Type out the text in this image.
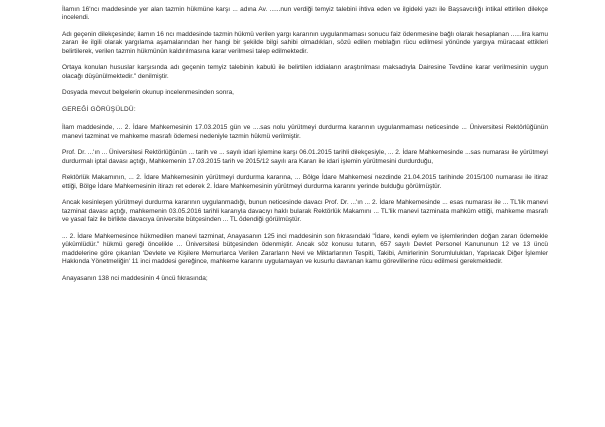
İlamın 16'ncı maddesinde yer alan tazmin hükmüne karşı ... adına Av. ......nun verdiği temyiz talebini ihtiva eden ve ilgideki yazı ile Başsavcılığı intikal ettirilen dilekçe incelendi.

Adı geçenin dilekçesinde; ilamın 16 ncı maddesinde tazmin hükmü verilen yargı kararının uygulanmaması sonucu faiz ödenmesine bağlı olarak hesaplanan ......lira kamu zararı ile ilgili olarak yargılama aşamalarından her hangi bir şekilde bilgi sahibi olmadıkları, sözü edilen meblağın rücu edilmesi yönünde yargıya müracaat ettikleri belirtilerek, verilen tazmin hükmünün kaldırılmasına karar verilmesi talep edilmektedir.

Ortaya konulan hususlar karşısında adı geçenin temyiz talebinin kabulü ile belirtilen iddiaların araştırılması maksadıyla Dairesine Tevdiine karar verilmesinin uygun olacağı düşünülmektedir." denilmiştir.

Dosyada mevcut belgelerin okunup incelenmesinden sonra,

GEREĞİ GÖRÜŞÜLDÜ:

İlam maddesinde, ... 2. İdare Mahkemesinin 17.03.2015 gün ve ....sas nolu yürütmeyi durdurma kararının uygulanmaması neticesinde ... Üniversitesi Rektörlüğünün manevi tazminat ve mahkeme masrafı ödemesi nedeniyle tazmin hükmü verilmiştir.

Prof. Dr. ...'ın ... Üniversitesi Rektörlüğünün ... tarih ve ... sayılı idari işlemine karşı 06.01.2015 tarihli dilekçesiyle, ... 2. İdare Mahkemesinde ...sas numarası ile yürütmeyi durdurmalı iptal davası açtığı, Mahkemenin 17.03.2015 tarih ve 2015/12 sayılı ara Kararı ile idari işlemin yürütmesini durdurduğu,

Rektörlük Makamının, ... 2. İdare Mahkemesinin yürütmeyi durdurma kararına, ... Bölge İdare Mahkemesi nezdinde 21.04.2015 tarihinde 2015/100 numarası ile itiraz ettiği, Bölge İdare Mahkemesinin itirazı ret ederek 2. İdare Mahkemesinin yürütmeyi durdurma kararını yerinde bulduğu görülmüştür.

Ancak kesinleşen yürütmeyi durdurma kararının uygulanmadığı, bunun neticesinde davacı Prof. Dr. ...'ın ... 2. İdare Mahkemesinde ... esas numarası ile ... TL'lik manevi tazminat davası açtığı, mahkemenin 03.05.2016 tarihli kararıyla davacıyı haklı bularak Rektörlük Makamını ... TL'lik manevi tazminata mahkûm ettiği, mahkeme masrafı ve yasal faiz ile birlikte davacıya üniversite bütçesinden ... TL ödendiği görülmüştür.

... 2. İdare Mahkemesince hükmedilen manevi tazminat, Anayasanın 125 inci maddesinin son fıkrasındaki "İdare, kendi eylem ve işlemlerinden doğan zararı ödemekle yükümlüdür." hükmü gereği öncelikle ... Üniversitesi bütçesinden ödenmiştir. Ancak söz konusu tutarın, 657 sayılı Devlet Personel Kanununun 12 ve 13 üncü maddelerine göre çıkarılan 'Devlete ve Kişilere Memurlarca Verilen Zararların Nevi ve Miktarlarının Tespiti, Takibi, Amirlerinin Sorumlulukları, Yapılacak Diğer İşlemler Hakkında Yönetmeliğin' 11 inci maddesi gereğince, mahkeme kararını uygulamayan ve kusurlu davranan kamu görevlilerine rücu edilmesi gerekmektedir.

Anayasanın 138 nci maddesinin 4 üncü fıkrasında;
